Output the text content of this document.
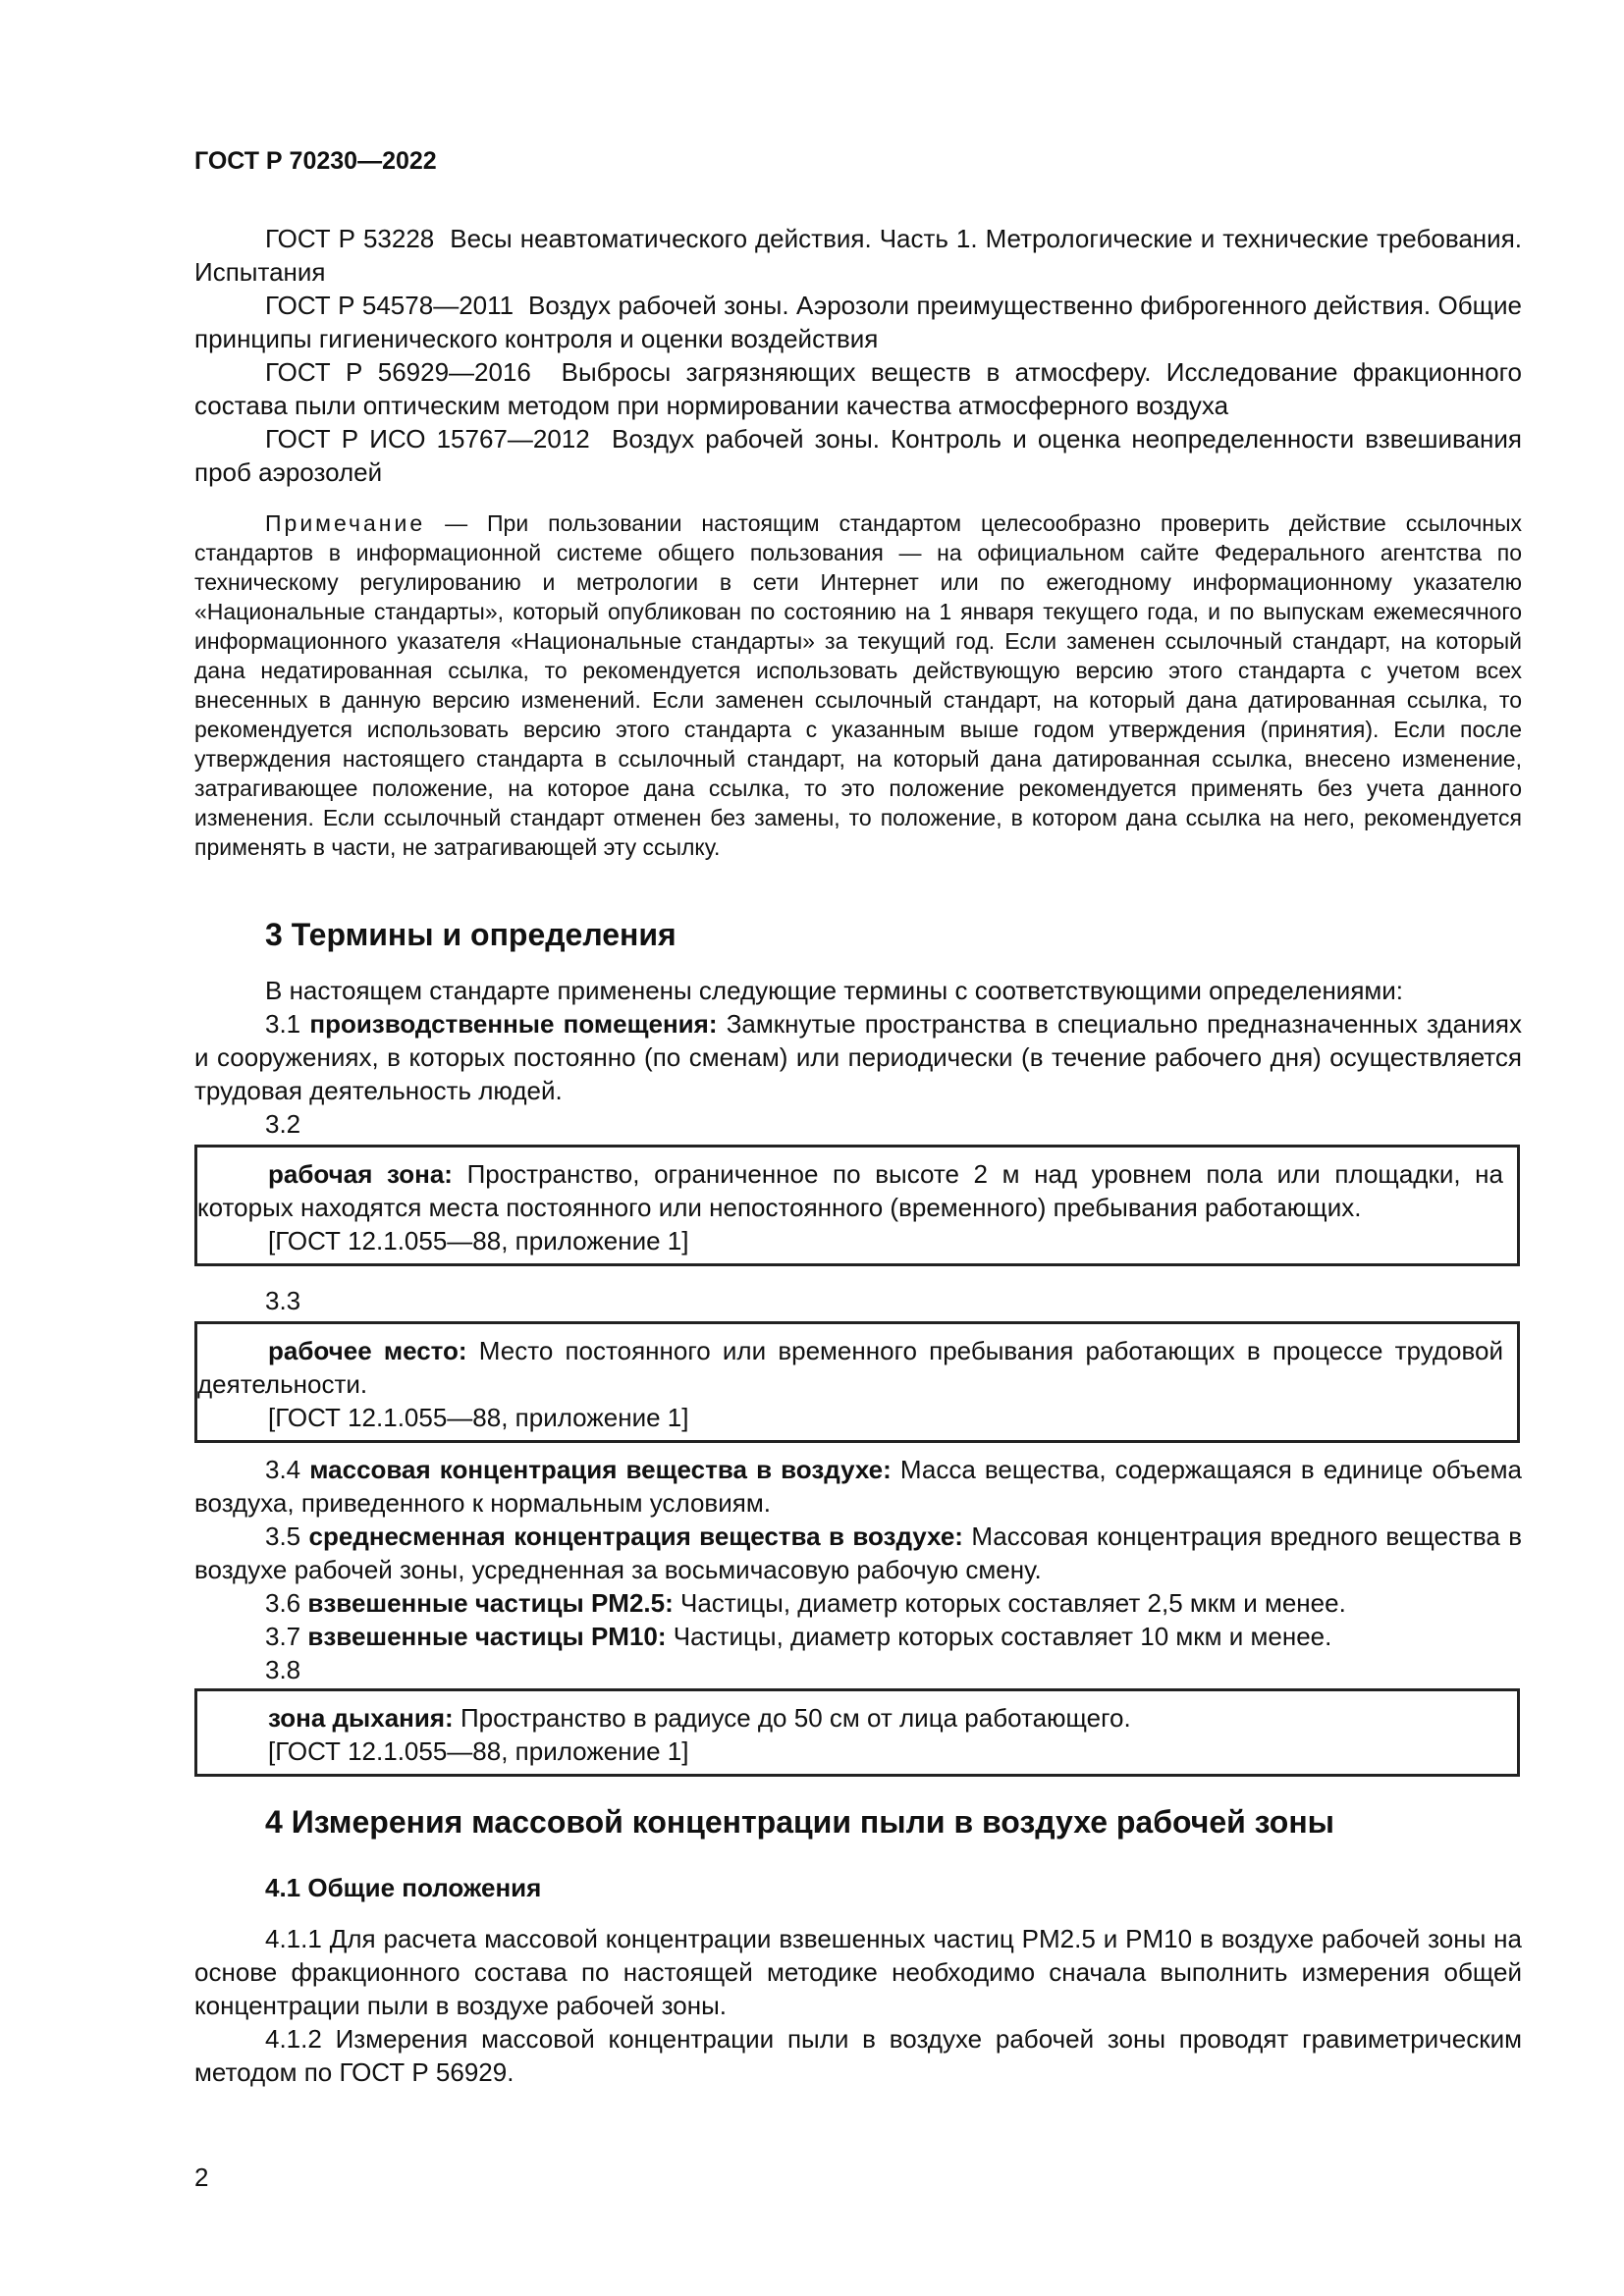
ГОСТ Р 70230—2022

ГОСТ Р 53228 Весы неавтоматического действия. Часть 1. Метрологические и технические требования. Испытания

ГОСТ Р 54578—2011 Воздух рабочей зоны. Аэрозоли преимущественно фиброгенного действия. Общие принципы гигиенического контроля и оценки воздействия

ГОСТ Р 56929—2016 Выбросы загрязняющих веществ в атмосферу. Исследование фракционного состава пыли оптическим методом при нормировании качества атмосферного воздуха

ГОСТ Р ИСО 15767—2012 Воздух рабочей зоны. Контроль и оценка неопределенности взвешивания проб аэрозолей

Примечание — При пользовании настоящим стандартом целесообразно проверить действие ссылочных стандартов в информационной системе общего пользования — на официальном сайте Федерального агентства по техническому регулированию и метрологии в сети Интернет или по ежегодному информационному указателю «Национальные стандарты», который опубликован по состоянию на 1 января текущего года, и по выпускам ежемесячного информационного указателя «Национальные стандарты» за текущий год. Если заменен ссылочный стандарт, на который дана недатированная ссылка, то рекомендуется использовать действующую версию этого стандарта с учетом всех внесенных в данную версию изменений. Если заменен ссылочный стандарт, на который дана датированная ссылка, то рекомендуется использовать версию этого стандарта с указанным выше годом утверждения (принятия). Если после утверждения настоящего стандарта в ссылочный стандарт, на который дана датированная ссылка, внесено изменение, затрагивающее положение, на которое дана ссылка, то это положение рекомендуется применять без учета данного изменения. Если ссылочный стандарт отменен без замены, то положение, в котором дана ссылка на него, рекомендуется применять в части, не затрагивающей эту ссылку.

3 Термины и определения

В настоящем стандарте применены следующие термины с соответствующими определениями:

3.1 производственные помещения: Замкнутые пространства в специально предназначенных зданиях и сооружениях, в которых постоянно (по сменам) или периодически (в течение рабочего дня) осуществляется трудовая деятельность людей.

3.2

рабочая зона: Пространство, ограниченное по высоте 2 м над уровнем пола или площадки, на которых находятся места постоянного или непостоянного (временного) пребывания работающих.

[ГОСТ 12.1.055—88, приложение 1]

3.3

рабочее место: Место постоянного или временного пребывания работающих в процессе трудовой деятельности.

[ГОСТ 12.1.055—88, приложение 1]

3.4 массовая концентрация вещества в воздухе: Масса вещества, содержащаяся в единице объема воздуха, приведенного к нормальным условиям.

3.5 среднесменная концентрация вещества в воздухе: Массовая концентрация вредного вещества в воздухе рабочей зоны, усредненная за восьмичасовую рабочую смену.

3.6 взвешенные частицы PM2.5: Частицы, диаметр которых составляет 2,5 мкм и менее.

3.7 взвешенные частицы PM10: Частицы, диаметр которых составляет 10 мкм и менее.

3.8

зона дыхания: Пространство в радиусе до 50 см от лица работающего.

[ГОСТ 12.1.055—88, приложение 1]

4 Измерения массовой концентрации пыли в воздухе рабочей зоны
4.1 Общие положения

4.1.1 Для расчета массовой концентрации взвешенных частиц PM2.5 и PM10 в воздухе рабочей зоны на основе фракционного состава по настоящей методике необходимо сначала выполнить измерения общей концентрации пыли в воздухе рабочей зоны.

4.1.2 Измерения массовой концентрации пыли в воздухе рабочей зоны проводят гравиметрическим методом по ГОСТ Р 56929.

2
